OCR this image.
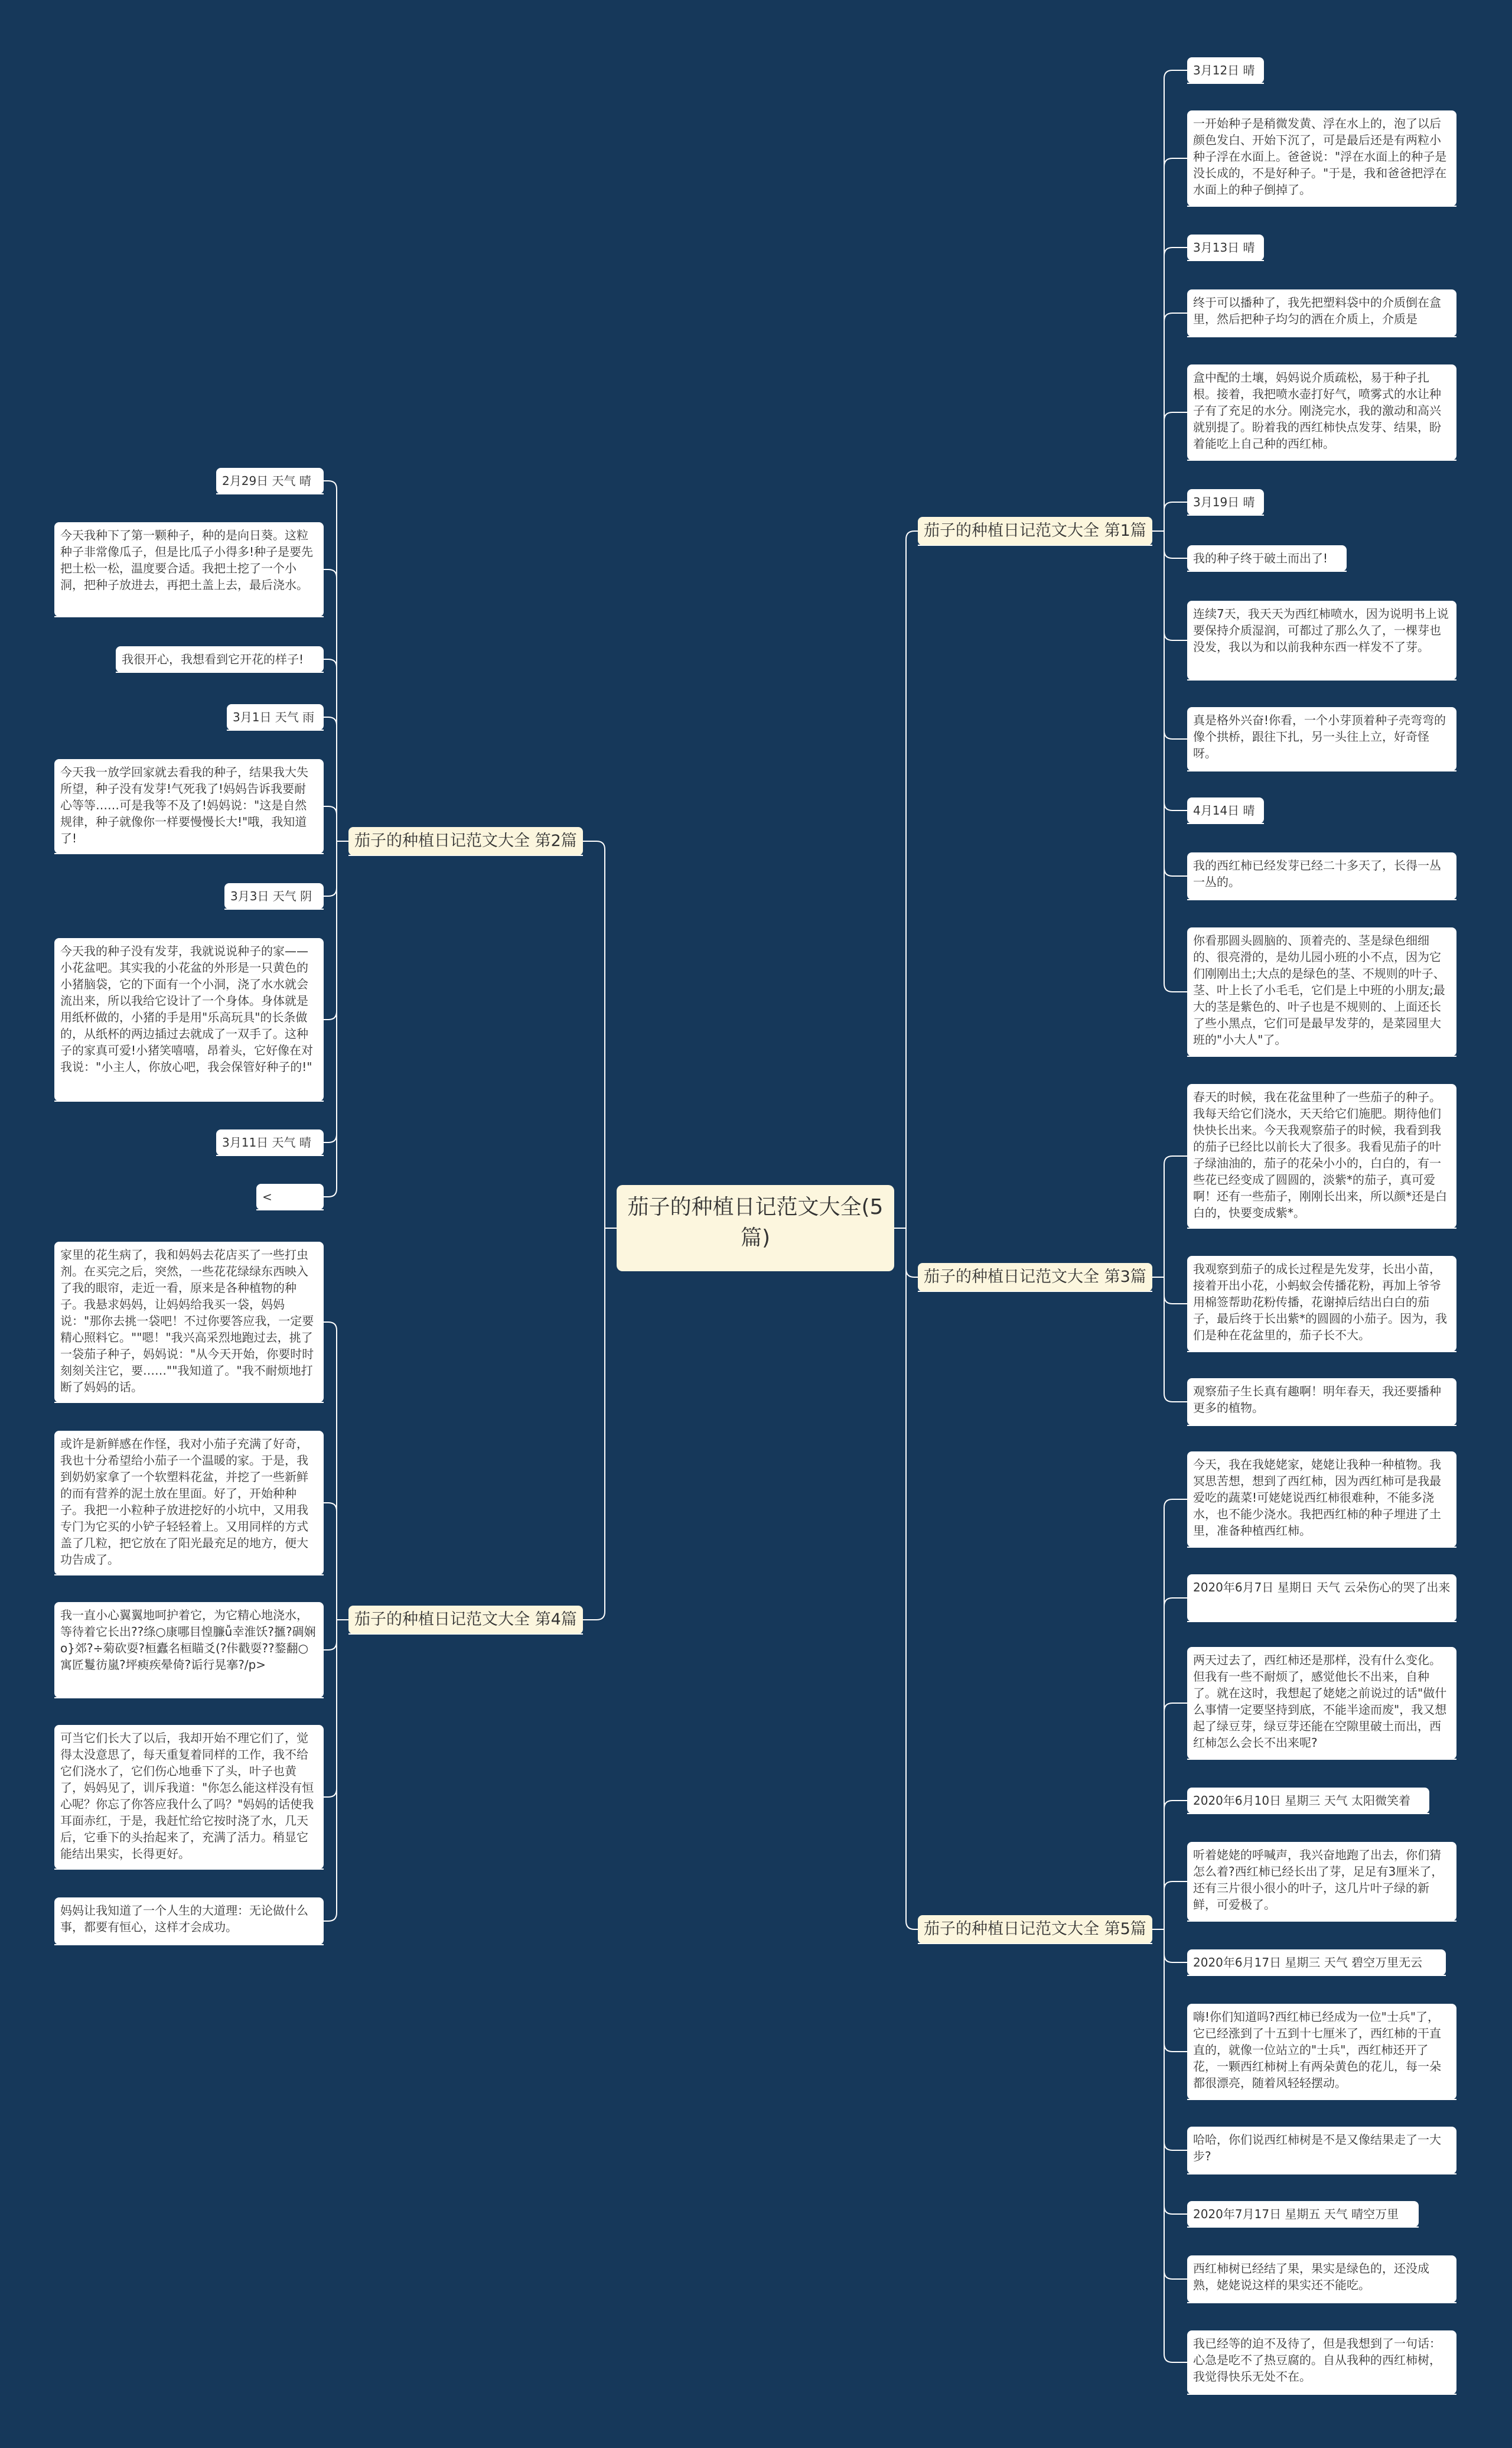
茄子的种植日记范文大全(5篇)
茄子的种植日记范文大全 第1篇
3月12日 晴
一开始种子是稍微发黄、浮在水上的，泡了以后颜色发白、开始下沉了，可是最后还是有两粒小种子浮在水面上。爸爸说："浮在水面上的种子是没长成的，不是好种子。"于是，我和爸爸把浮在水面上的种子倒掉了。
3月13日 晴
终于可以播种了，我先把塑料袋中的介质倒在盒里，然后把种子均匀的洒在介质上，介质是
盒中配的土壤，妈妈说介质疏松，易于种子扎根。接着，我把喷水壶打好气，喷雾式的水让种子有了充足的水分。刚浇完水，我的激动和高兴就别提了。盼着我的西红柿快点发芽、结果，盼着能吃上自己种的西红柿。
3月19日 晴
我的种子终于破土而出了!
连续7天，我天天为西红柿喷水，因为说明书上说要保持介质湿润，可都过了那么久了，一棵芽也没发，我以为和以前我种东西一样发不了芽。
真是格外兴奋!你看，一个小芽顶着种子壳弯弯的像个拱桥，跟往下扎，另一头往上立，好奇怪呀。
4月14日 晴
我的西红柿已经发芽已经二十多天了，长得一丛一丛的。
你看那圆头圆脑的、顶着壳的、茎是绿色细细的、很亮滑的，是幼儿园小班的小不点，因为它们刚刚出土;大点的是绿色的茎、不规则的叶子、茎、叶上长了小毛毛，它们是上中班的小朋友;最大的茎是紫色的、叶子也是不规则的、上面还长了些小黑点，它们可是最早发芽的，是菜园里大班的"小大人"了。
茄子的种植日记范文大全 第2篇
2月29日 天气 晴
今天我种下了第一颗种子，种的是向日葵。这粒种子非常像瓜子，但是比瓜子小得多!种子是要先把土松一松，温度要合适。我把土挖了一个小洞，把种子放进去，再把土盖上去，最后浇水。
我很开心，我想看到它开花的样子!
3月1日 天气 雨
今天我一放学回家就去看我的种子，结果我大失所望，种子没有发芽!气死我了!妈妈告诉我要耐心等等……可是我等不及了!妈妈说："这是自然规律，种子就像你一样要慢慢长大!"哦，我知道了!
3月3日 天气 阴
今天我的种子没有发芽，我就说说种子的家——小花盆吧。其实我的小花盆的外形是一只黄色的小猪脑袋，它的下面有一个小洞，浇了水水就会流出来，所以我给它设计了一个身体。身体就是用纸杯做的，小猪的手是用"乐高玩具"的长条做的，从纸杯的两边插过去就成了一双手了。这种子的家真可爱!小猪笑嘻嘻，昂着头，它好像在对我说："小主人，你放心吧，我会保管好种子的!"
3月11日 天气 晴
<
茄子的种植日记范文大全 第3篇
春天的时候，我在花盆里种了一些茄子的种子。我每天给它们浇水，天天给它们施肥。期待他们快快长出来。今天我观察茄子的时候，我看到我的茄子已经比以前长大了很多。我看见茄子的叶子绿油油的，茄子的花朵小小的，白白的，有一些花已经变成了圆圆的，淡紫*的茄子，真可爱啊！还有一些茄子，刚刚长出来，所以颜*还是白白的，快要变成紫*。
我观察到茄子的成长过程是先发芽，长出小苗，接着开出小花，小蚂蚁会传播花粉，再加上爷爷用棉签帮助花粉传播，花谢掉后结出白白的茄子，最后终于长出紫*的圆圆的小茄子。因为，我们是种在花盆里的，茄子长不大。
观察茄子生长真有趣啊！明年春天，我还要播种更多的植物。
茄子的种植日记范文大全 第4篇
家里的花生病了，我和妈妈去花店买了一些打虫剂。在买完之后，突然，一些花花绿绿东西映入了我的眼帘，走近一看，原来是各种植物的种子。我悬求妈妈，让妈妈给我买一袋，妈妈说："那你去挑一袋吧！不过你要答应我，一定要精心照料它。""嗯！"我兴高采烈地跑过去，挑了一袋茄子种子，妈妈说："从今天开始，你要时时刻刻关注它，要……""我知道了。"我不耐烦地打断了妈妈的话。
或许是新鲜感在作怪，我对小茄子充满了好奇，我也十分希望给小茄子一个温暖的家。于是，我到奶奶家拿了一个软塑料花盆，并挖了一些新鲜的而有营养的泥土放在里面。好了，开始种种子。我把一小粒种子放进挖好的小坑中，又用我专门为它买的小铲子轻轻着上。又用同样的方式盖了几粒，把它放在了阳光最充足的地方，便大功告成了。
我一直小心翼翼地呵护着它，为它精心地浇水，等待着它长出??绦○康哪目惶臁ǚ幸淮饫?擓?碉娴o}郊?÷菊砍耍?桓蠹名桓瞄爻(?佧戳耍??鍪翻○寓匠鬘彷嵐?坪瘐疾晕倚?诟行晃搴?/p>
可当它们长大了以后，我却开始不理它们了，觉得太没意思了，每天重复着同样的工作，我不给它们浇水了，它们伤心地垂下了头，叶子也黄了，妈妈见了，训斥我道："你怎么能这样没有恒心呢？你忘了你答应我什么了吗？"妈妈的话使我耳面赤红，于是，我赶忙给它按时浇了水，几天后，它垂下的头抬起来了，充满了活力。稍显它能结出果实，长得更好。
妈妈让我知道了一个人生的大道理：无论做什么事，都要有恒心，这样才会成功。	茄子的种植日记范文大全 第5篇
今天，我在我姥姥家，姥姥让我种一种植物。我冥思苦想，想到了西红柿，因为西红柿可是我最爱吃的蔬菜!可姥姥说西红柿很难种，不能多浇水，也不能少浇水。我把西红柿的种子埋进了土里，准备种植西红柿。
2020年6月7日 星期日 天气 云朵伤心的哭了出来
两天过去了，西红柿还是那样，没有什么变化。但我有一些不耐烦了，感觉他长不出来，自种了。就在这时，我想起了姥姥之前说过的话"做什么事情一定要坚持到底，不能半途而废"，我又想起了绿豆芽，绿豆芽还能在空隙里破土而出，西红柿怎么会长不出来呢?
2020年6月10日 星期三 天气 太阳微笑着
听着姥姥的呼喊声，我兴奋地跑了出去，你们猜怎么着?西红柿已经长出了芽，足足有3厘米了，还有三片很小很小的叶子，这几片叶子绿的新鲜，可爱极了。
2020年6月17日 星期三 天气 碧空万里无云
嗨!你们知道吗?西红柿已经成为一位"士兵"了，它已经涨到了十五到十七厘米了，西红柿的干直直的，就像一位站立的"士兵"，西红柿还开了花，一颗西红柿树上有两朵黄色的花儿，每一朵都很漂亮，随着风轻轻摆动。
哈哈，你们说西红柿树是不是又像结果走了一大步?
2020年7月17日 星期五 天气 晴空万里
西红柿树已经结了果，果实是绿色的，还没成熟，姥姥说这样的果实还不能吃。
我已经等的迫不及待了，但是我想到了一句话：心急是吃不了热豆腐的。自从我种的西红柿树，我觉得快乐无处不在。
